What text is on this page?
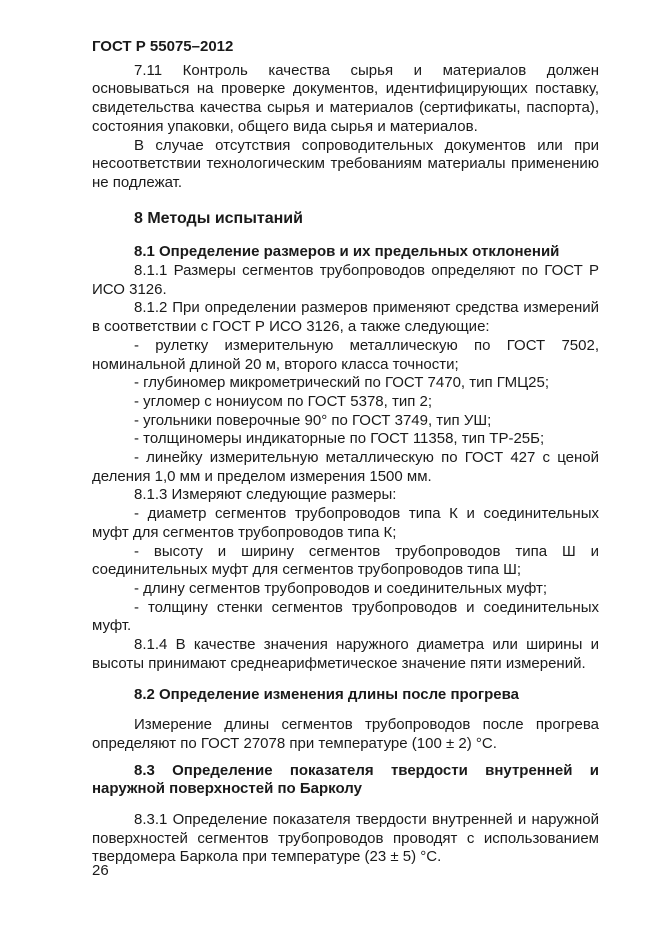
ГОСТ Р 55075–2012

7.11 Контроль качества сырья и материалов должен основываться на проверке документов, идентифицирующих поставку, свидетельства качества сырья и материалов (сертификаты, паспорта), состояния упаковки, общего вида сырья и материалов.

В случае отсутствия сопроводительных документов или при несоответствии технологическим требованиям материалы применению не подлежат.

8 Методы испытаний

8.1 Определение размеров и их предельных отклонений

8.1.1 Размеры сегментов трубопроводов определяют по ГОСТ Р ИСО 3126.

8.1.2 При определении размеров применяют средства измерений в соответствии с ГОСТ Р ИСО 3126, а также следующие:

- рулетку измерительную металлическую по ГОСТ 7502, номинальной длиной 20 м, второго класса точности;

- глубиномер микрометрический по ГОСТ 7470, тип ГМЦ25;

- угломер с нониусом по ГОСТ 5378, тип 2;

- угольники поверочные 90° по ГОСТ 3749, тип УШ;

- толщиномеры индикаторные по ГОСТ 11358, тип ТР-25Б;

- линейку измерительную металлическую по ГОСТ 427 с ценой деления 1,0 мм и пределом измерения 1500 мм.

8.1.3 Измеряют следующие размеры:

- диаметр сегментов трубопроводов типа К и соединительных муфт для сегментов трубопроводов типа К;

- высоту и ширину сегментов трубопроводов типа Ш и соединительных муфт для сегментов трубопроводов типа Ш;

- длину сегментов трубопроводов и соединительных муфт;

- толщину стенки сегментов трубопроводов и соединительных муфт.

8.1.4 В качестве значения наружного диаметра или ширины и высоты принимают среднеарифметическое значение пяти измерений.

8.2 Определение изменения длины после прогрева

Измерение длины сегментов трубопроводов после прогрева определяют по ГОСТ 27078 при температуре (100 ± 2) °С.

8.3 Определение показателя твердости внутренней и наружной поверхностей по Барколу

8.3.1 Определение показателя твердости внутренней и наружной поверхностей сегментов трубопроводов проводят с использованием твердомера Баркола при температуре (23 ± 5) °С.

26
